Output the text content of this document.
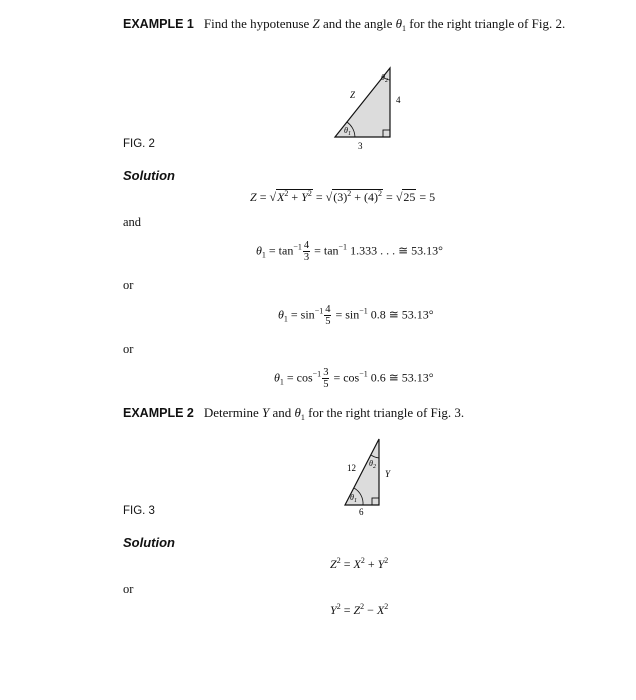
EXAMPLE 1 Find the hypotenuse Z and the angle $\theta_1$ for the right triangle of Fig. 2.
Z	4
3
$\theta_1$
$\theta_2$
FIG. 2
Solution
$Z = √X^2 + Y^2 = √(3)^2 + (4)^2 = √25 = 5$
and
$\theta_1 = \tan^{-1} \frac{4}{3} = \tan^{-1} 1.333$ . . . ≅ 53.13°
or
$\theta_1 = \sin^{-1} \frac{4}{5} = \sin^{-1} 0.8$ ≅ 53.13°
or
$\theta_1 = \cos^{-1} \frac{3}{5} = \cos^{-1} 0.6$ ≅ 53.13°
EXAMPLE 2 Determine Y and $\theta_1$ for the right triangle of Fig. 3.
12
Y
6
$\theta_1$
$\theta_2$
FIG. 3
Solution
$Z^2 = X^2 + Y^2$
or
$Y^2 = Z^2 - X^2$
